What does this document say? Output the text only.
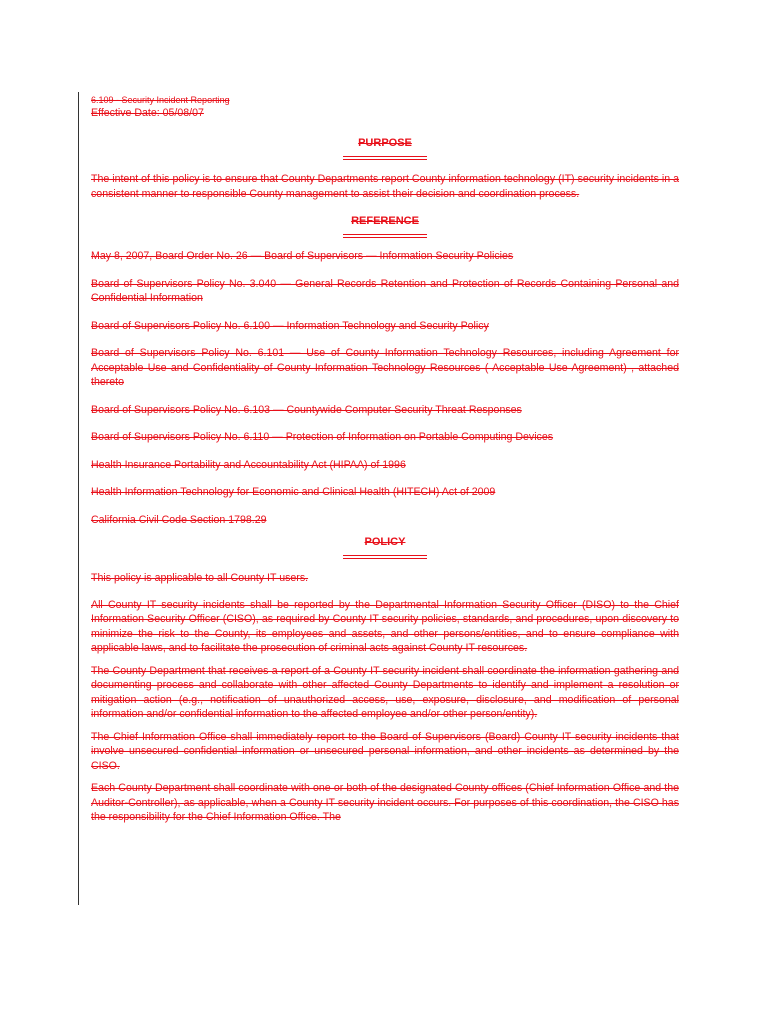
6.109 - Security Incident Reporting

Effective Date: 05/08/07

PURPOSE

The intent of this policy is to ensure that County Departments report County information technology (IT) security incidents in a consistent manner to responsible County management to assist their decision and coordination process.

REFERENCE

May 8, 2007, Board Order No. 26 — Board of Supervisors — Information Security Policies

Board of Supervisors Policy No. 3.040 — General Records Retention and Protection of Records Containing Personal and Confidential Information

Board of Supervisors Policy No. 6.100 — Information Technology and Security Policy

Board of Supervisors Policy No. 6.101 — Use of County Information Technology Resources, including Agreement for Acceptable Use and Confidentiality of County Information Technology Resources ( Acceptable Use Agreement) , attached thereto

Board of Supervisors Policy No. 6.103 — Countywide Computer Security Threat Responses

Board of Supervisors Policy No. 6.110 — Protection of Information on Portable Computing Devices

Health Insurance Portability and Accountability Act (HIPAA) of 1996

Health Information Technology for Economic and Clinical Health (HITECH) Act of 2009

California Civil Code Section 1798.29

POLICY

This policy is applicable to all County IT users.

All County IT security incidents shall be reported by the Departmental Information Security Officer (DISO) to the Chief Information Security Officer (CISO), as required by County IT security policies, standards, and procedures, upon discovery to minimize the risk to the County, its employees and assets, and other persons/entities, and to ensure compliance with applicable laws, and to facilitate the prosecution of criminal acts against County IT resources.

The County Department that receives a report of a County IT security incident shall coordinate the information gathering and documenting process and collaborate with other affected County Departments to identify and implement a resolution or mitigation action (e.g., notification of unauthorized access, use, exposure, disclosure, and modification of personal information and/or confidential information to the affected employee and/or other person/entity).

The Chief Information Office shall immediately report to the Board of Supervisors (Board) County IT security incidents that involve unsecured confidential information or unsecured personal information, and other incidents as determined by the CISO.

Each County Department shall coordinate with one or both of the designated County offices (Chief Information Office and the Auditor-Controller), as applicable, when a County IT security incident occurs. For purposes of this coordination, the CISO has the responsibility for the Chief Information Office. The
